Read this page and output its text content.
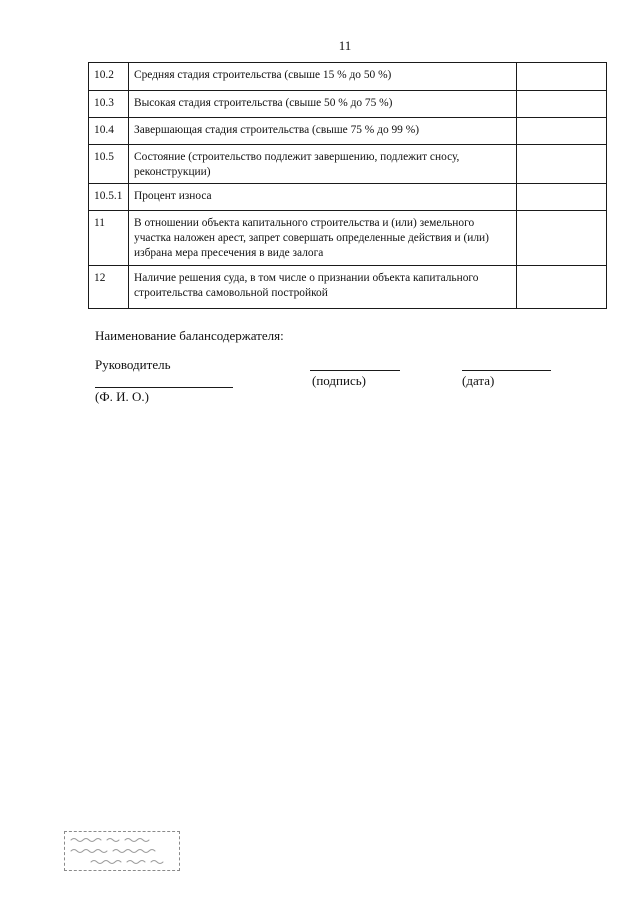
11
10.2	Средняя стадия строительства (свыше 15 % до 50 %)	
10.3	Высокая стадия строительства (свыше 50 % до 75 %)	
10.4	Завершающая стадия строительства (свыше 75 % до 99 %)	
10.5	Состояние (строительство подлежит завершению, подлежит сносу, реконструкции)	
10.5.1	Процент износа	
11	В отношении объекта капитального строительства и (или) земельного участка наложен арест, запрет совершать определенные действия и (или) избрана мера пресечения в виде залога	
12	Наличие решения суда, в том числе о признании объекта капитального строительства самовольной постройкой	
Наименование балансодержателя:
Руководитель
(подпись)	(дата)
(Ф. И. О.)
